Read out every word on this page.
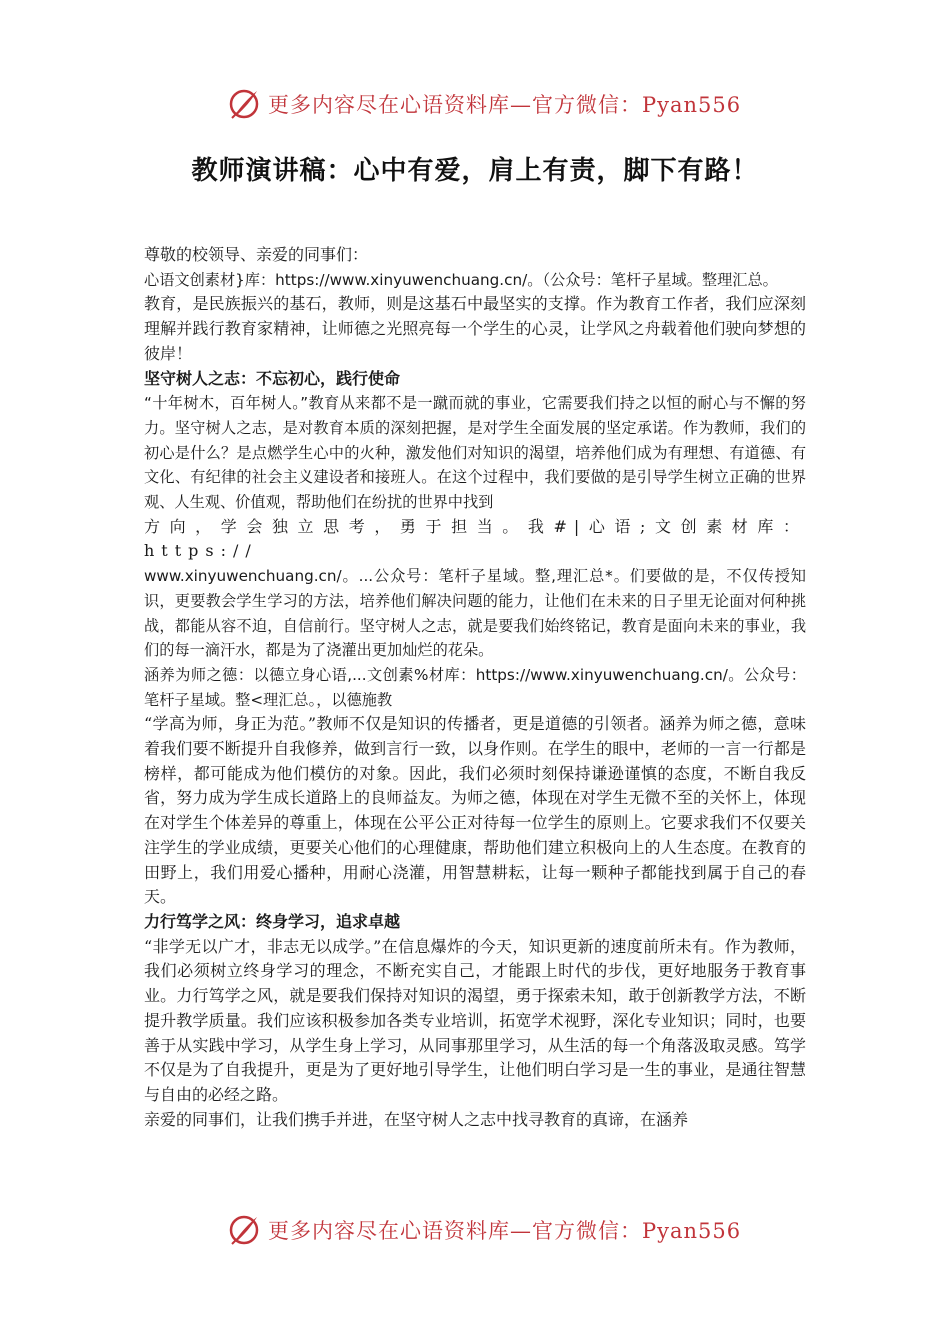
更多内容尽在心语资料库—官方微信：Pyan556
教师演讲稿：心中有爱，肩上有责，脚下有路！

尊敬的校领导、亲爱的同事们：

心语文创素材}库：https://www.xinyuwenchuang.cn/。（公众号：笔杆子星域。整理汇总。

教育，是民族振兴的基石，教师，则是这基石中最坚实的支撑。作为教育工作者，我们应深刻理解并践行教育家精神，让师德之光照亮每一个学生的心灵，让学风之舟载着他们驶向梦想的彼岸！

坚守树人之志：不忘初心，践行使命

“十年树木，百年树人。”教育从来都不是一蹴而就的事业，它需要我们持之以恒的耐心与不懈的努力。坚守树人之志，是对教育本质的深刻把握，是对学生全面发展的坚定承诺。作为教师，我们的初心是什么？是点燃学生心中的火种，激发他们对知识的渴望，培养他们成为有理想、有道德、有文化、有纪律的社会主义建设者和接班人。在这个过程中，我们要做的是引导学生树立正确的世界观、人生观、价值观，帮助他们在纷扰的世界中找到

方向，学会独立思考，勇于担当。我#|心语;文创素材库：https://

www.xinyuwenchuang.cn/。...公众号：笔杆子星域。整,理汇总*。们要做的是，不仅传授知识，更要教会学生学习的方法，培养他们解决问题的能力，让他们在未来的日子里无论面对何种挑战，都能从容不迫，自信前行。坚守树人之志，就是要我们始终铭记，教育是面向未来的事业，我们的每一滴汗水，都是为了浇灌出更加灿烂的花朵。

涵养为师之德：以德立身心语,...文创素%材库：https://www.xinyuwenchuang.cn/。公众号：笔杆子星域。整<理汇总。，以德施教

“学高为师，身正为范。”教师不仅是知识的传播者，更是道德的引领者。涵养为师之德，意味着我们要不断提升自我修养，做到言行一致，以身作则。在学生的眼中，老师的一言一行都是榜样，都可能成为他们模仿的对象。因此，我们必须时刻保持谦逊谨慎的态度，不断自我反省，努力成为学生成长道路上的良师益友。为师之德，体现在对学生无微不至的关怀上，体现在对学生个体差异的尊重上，体现在公平公正对待每一位学生的原则上。它要求我们不仅要关注学生的学业成绩，更要关心他们的心理健康，帮助他们建立积极向上的人生态度。在教育的田野上，我们用爱心播种，用耐心浇灌，用智慧耕耘，让每一颗种子都能找到属于自己的春天。

力行笃学之风：终身学习，追求卓越

“非学无以广才，非志无以成学。”在信息爆炸的今天，知识更新的速度前所未有。作为教师，我们必须树立终身学习的理念，不断充实自己，才能跟上时代的步伐，更好地服务于教育事业。力行笃学之风，就是要我们保持对知识的渴望，勇于探索未知，敢于创新教学方法，不断提升教学质量。我们应该积极参加各类专业培训，拓宽学术视野，深化专业知识；同时，也要善于从实践中学习，从学生身上学习，从同事那里学习，从生活的每一个角落汲取灵感。笃学不仅是为了自我提升，更是为了更好地引导学生，让他们明白学习是一生的事业，是通往智慧与自由的必经之路。

亲爱的同事们，让我们携手并进，在坚守树人之志中找寻教育的真谛，在涵养

更多内容尽在心语资料库—官方微信：Pyan556
